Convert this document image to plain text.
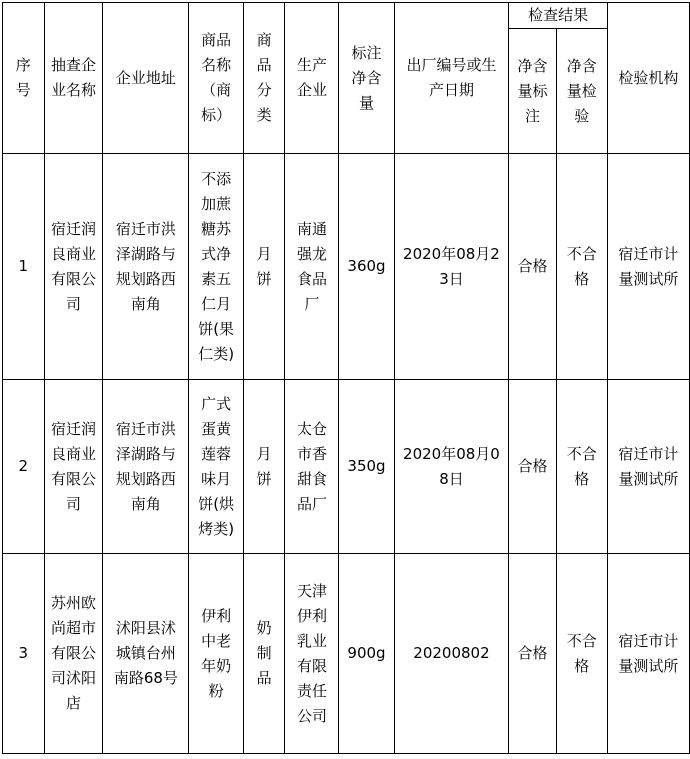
序号	抽查企业名称	企业地址	商品名称（商标）	商品分类	生产企业	标注净含量	出厂编号或生产日期	检查结果		检验机构
								净含量标注	净含量检验	
1	宿迁润良商业有限公司	宿迁市洪泽湖路与规划路西南角	不添加蔗糖苏式净素五仁月饼(果仁类)	月饼	南通强龙食品厂	360g	2020年08月23日	合格	不合格	宿迁市计量测试所
2	宿迁润良商业有限公司	宿迁市洪泽湖路与规划路西南角	广式蛋黄莲蓉味月饼(烘烤类)	月饼	太仓市香甜食品厂	350g	2020年08月08日	合格	不合格	宿迁市计量测试所
3	苏州欧尚超市有限公司沭阳店	沭阳县沭城镇台州南路68号	伊利中老年奶粉	奶制品	天津伊利乳业有限责任公司	900g	20200802	合格	不合格	宿迁市计量测试所
